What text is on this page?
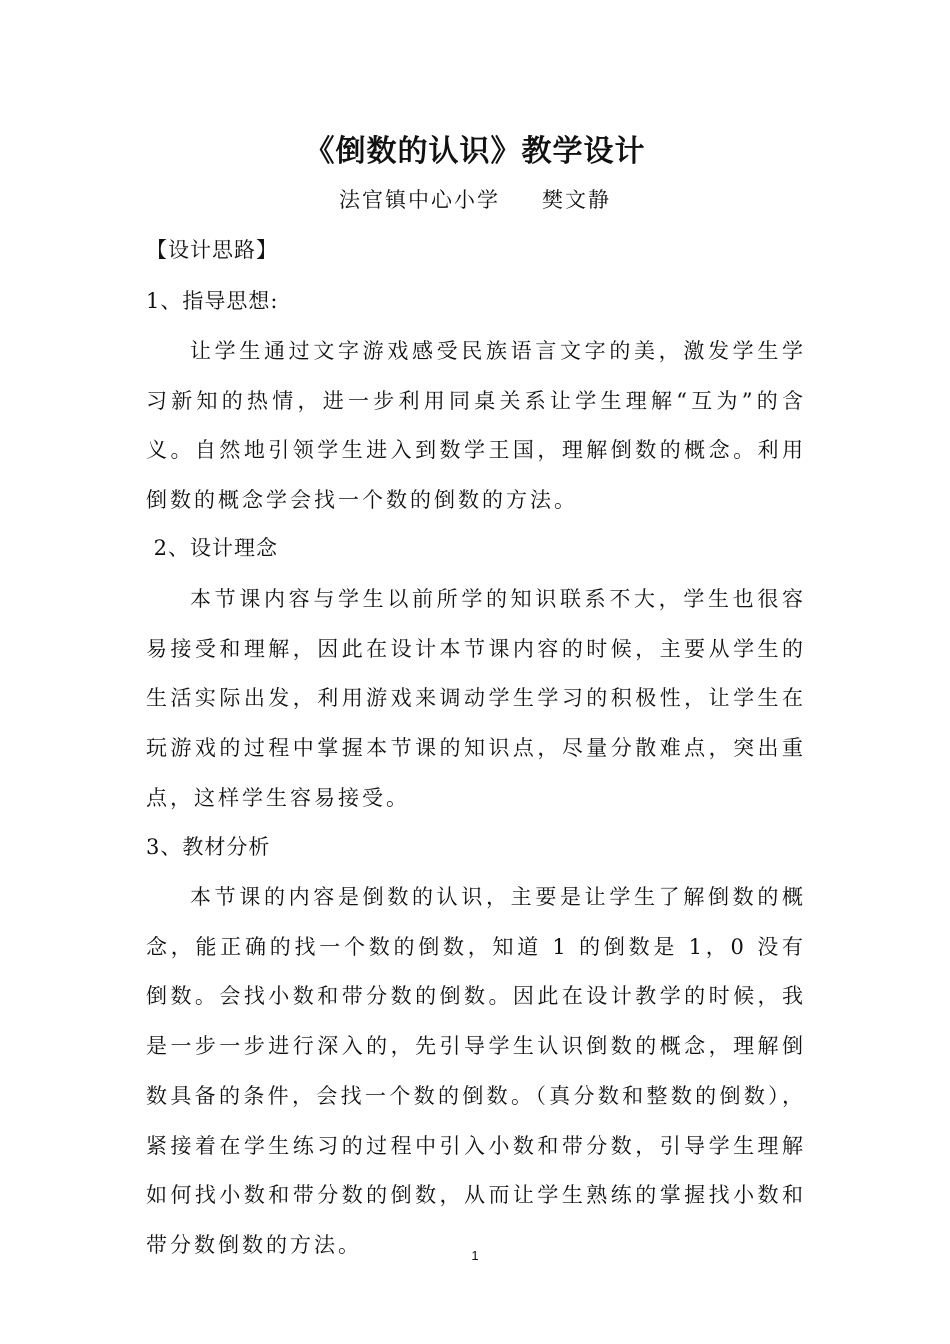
《倒数的认识》教学设计
法官镇中心小学 樊文静
【设计思路】
1、指导思想:
让学生通过文字游戏感受民族语言文字的美，激发学生学习新知的热情，进一步利用同桌关系让学生理解“互为”的含义。自然地引领学生进入到数学王国，理解倒数的概念。利用倒数的概念学会找一个数的倒数的方法。
2、设计理念
本节课内容与学生以前所学的知识联系不大，学生也很容易接受和理解，因此在设计本节课内容的时候，主要从学生的生活实际出发，利用游戏来调动学生学习的积极性，让学生在玩游戏的过程中掌握本节课的知识点，尽量分散难点，突出重点，这样学生容易接受。
3、教材分析
本节课的内容是倒数的认识，主要是让学生了解倒数的概念，能正确的找一个数的倒数，知道 1 的倒数是 1，0 没有倒数。会找小数和带分数的倒数。因此在设计教学的时候，我是一步一步进行深入的，先引导学生认识倒数的概念，理解倒数具备的条件，会找一个数的倒数。（真分数和整数的倒数），紧接着在学生练习的过程中引入小数和带分数，引导学生理解如何找小数和带分数的倒数，从而让学生熟练的掌握找小数和带分数倒数的方法。	1
